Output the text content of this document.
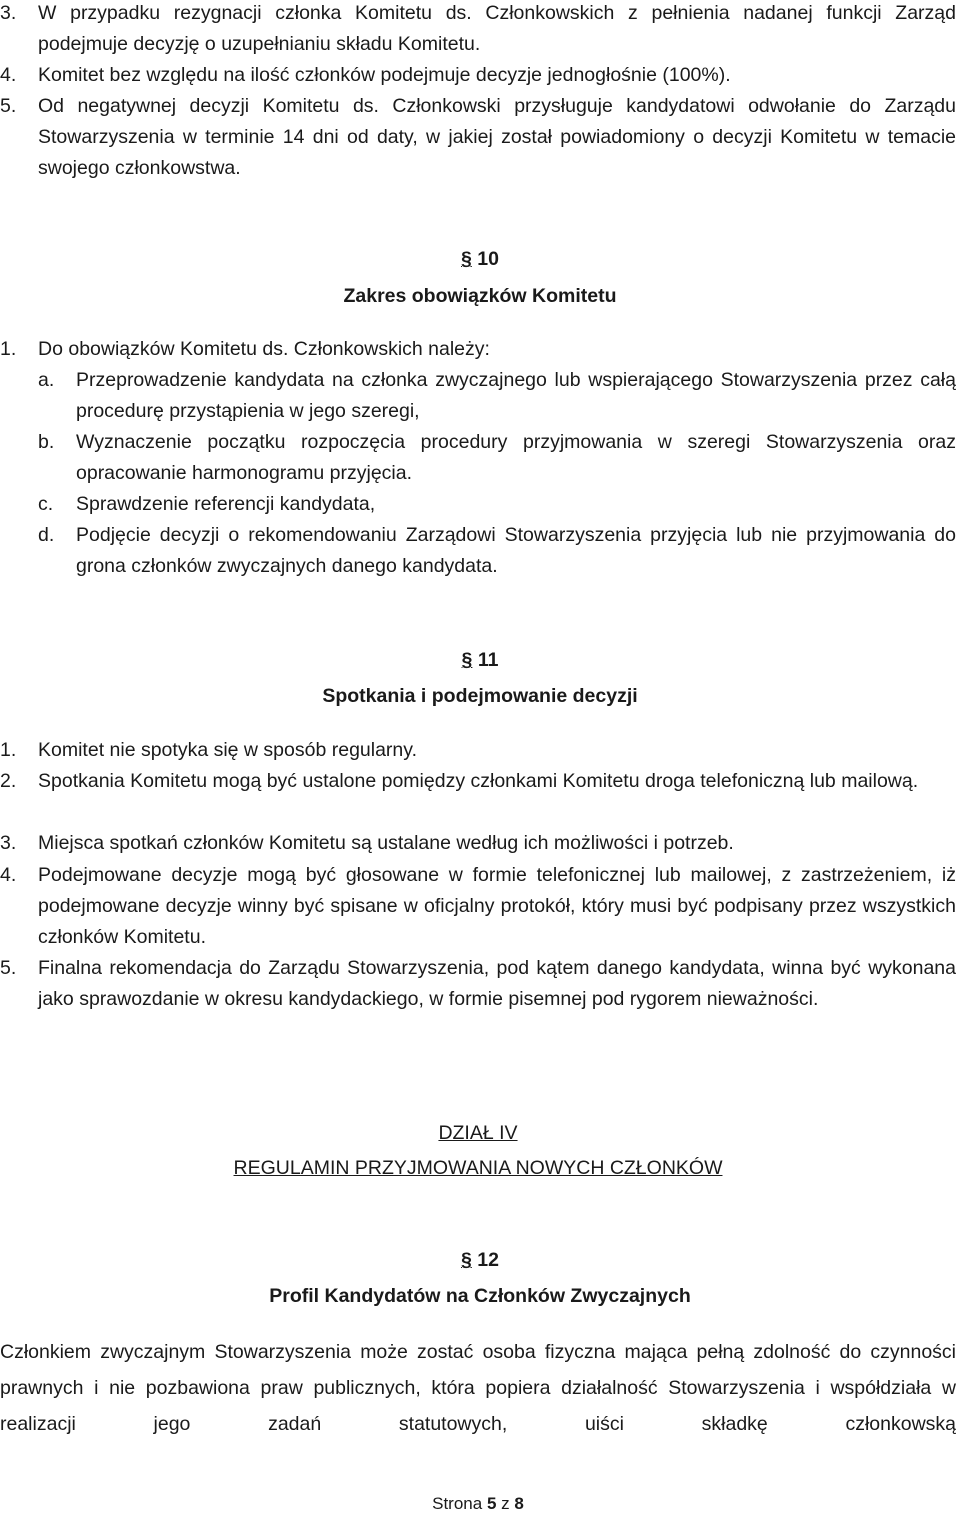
3. W przypadku rezygnacji członka Komitetu ds. Członkowskich z pełnienia nadanej funkcji Zarząd podejmuje decyzję o uzupełnianiu składu Komitetu.
4. Komitet bez względu na ilość członków podejmuje decyzje jednogłośnie (100%).
5. Od negatywnej decyzji Komitetu ds. Członkowski przysługuje kandydatowi odwołanie do Zarządu Stowarzyszenia w terminie 14 dni od daty, w jakiej został powiadomiony o decyzji Komitetu w temacie swojego członkowstwa.
§ 10
Zakres obowiązków Komitetu
1. Do obowiązków Komitetu ds. Członkowskich należy:
a. Przeprowadzenie kandydata na członka zwyczajnego lub wspierającego Stowarzyszenia przez całą procedurę przystąpienia w jego szeregi,
b. Wyznaczenie początku rozpoczęcia procedury przyjmowania w szeregi Stowarzyszenia oraz opracowanie harmonogramu przyjęcia.
c. Sprawdzenie referencji kandydata,
d. Podjęcie decyzji o rekomendowaniu Zarządowi Stowarzyszenia przyjęcia lub nie przyjmowania do grona członków zwyczajnych danego kandydata.
§ 11
Spotkania i podejmowanie decyzji
1. Komitet nie spotyka się w sposób regularny.
2. Spotkania Komitetu mogą być ustalone pomiędzy członkami Komitetu droga telefoniczną lub mailową.
3. Miejsca spotkań członków Komitetu są ustalane według ich możliwości i potrzeb.
4. Podejmowane decyzje mogą być głosowane w formie telefonicznej lub mailowej, z zastrzeżeniem, iż podejmowane decyzje winny być spisane w oficjalny protokół, który musi być podpisany przez wszystkich członków Komitetu.
5. Finalna rekomendacja do Zarządu Stowarzyszenia, pod kątem danego kandydata, winna być wykonana jako sprawozdanie w okresu kandydackiego, w formie pisemnej pod rygorem nieważności.
DZIAŁ IV
REGULAMIN PRZYJMOWANIA NOWYCH CZŁONKÓW
§ 12
Profil Kandydatów na Członków Zwyczajnych
Członkiem zwyczajnym Stowarzyszenia może zostać osoba fizyczna mająca pełną zdolność do czynności prawnych i nie pozbawiona praw publicznych, która popiera działalność Stowarzyszenia i współdziała w realizacji jego zadań statutowych, uiści składkę członkowską
Strona 5 z 8
